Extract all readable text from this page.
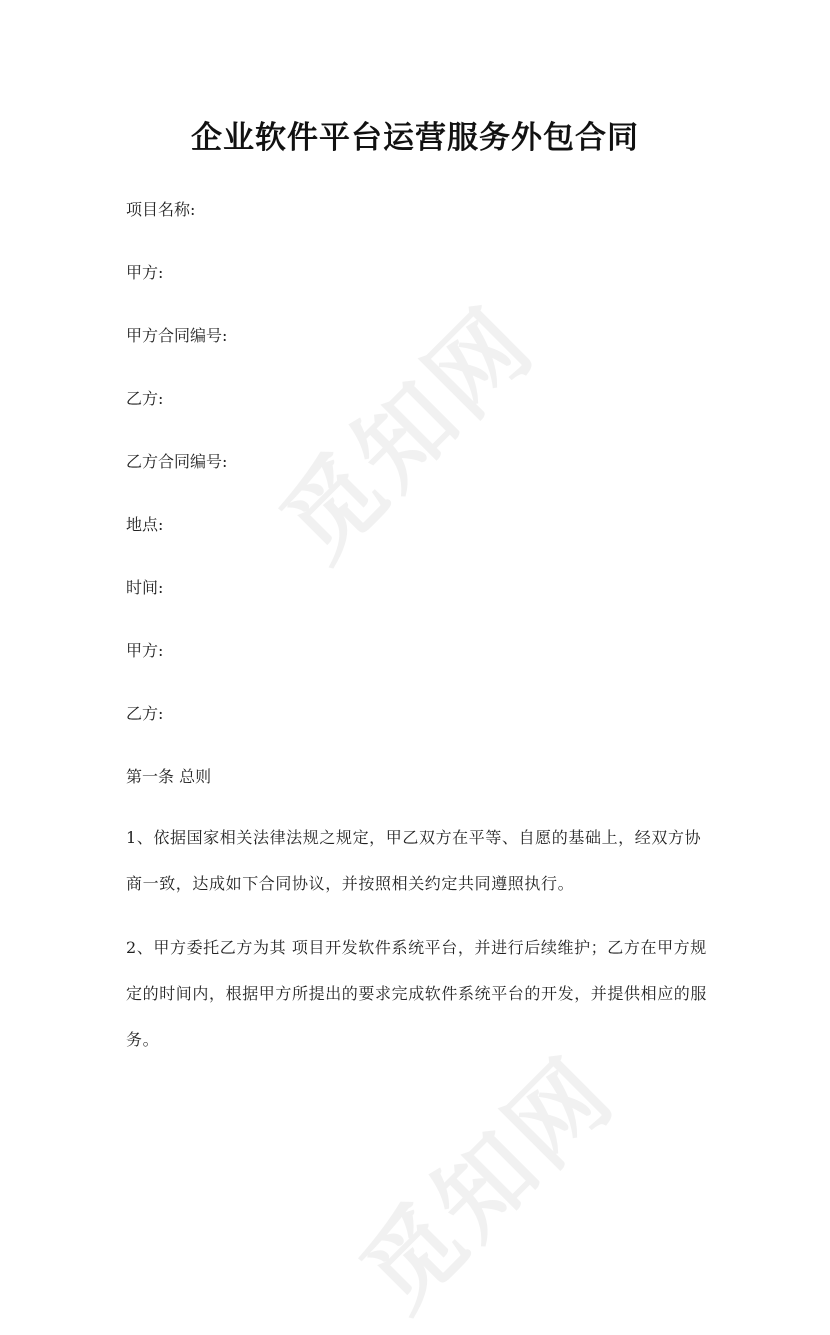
觅知网
觅知网
企业软件平台运营服务外包合同
项目名称:
甲方:
甲方合同编号:
乙方:
乙方合同编号:
地点:
时间:
甲方:
乙方:
第一条 总则
1、依据国家相关法律法规之规定，甲乙双方在平等、自愿的基础上，经双方协商一致，达成如下合同协议，并按照相关约定共同遵照执行。
2、甲方委托乙方为其 项目开发软件系统平台，并进行后续维护；乙方在甲方规定的时间内，根据甲方所提出的要求完成软件系统平台的开发，并提供相应的服务。
